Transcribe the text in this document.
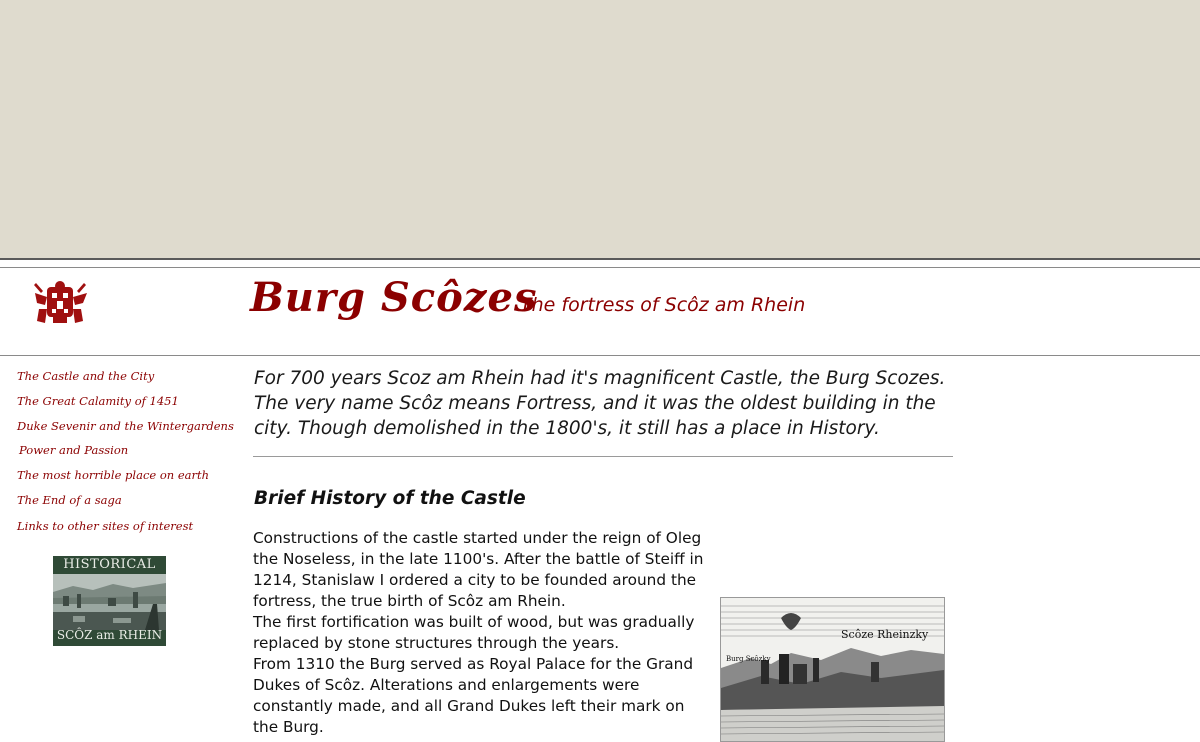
Burg Scôzes
The fortress of Scôz am Rhein
The Castle and the City
The Great Calamity of 1451
Duke Sevenir and the Wintergardens
Power and Passion
The most horrible place on earth
The End of a saga
Links to other sites of interest
HISTORICAL
SCÔZ am RHEIN
For 700 years Scoz am Rhein had it's magnificent Castle, the Burg Scozes. The very name Scôz means Fortress, and it was the oldest building in the city. Though demolished in the 1800's, it still has a place in History.
Brief History of the Castle

Constructions of the castle started under the reign of Oleg the Noseless, in the late 1100's. After the battle of Steiff in 1214, Stanislaw I ordered a city to be founded around the fortress, the true birth of Scôz am Rhein.

The first fortification was built of wood, but was gradually replaced by stone structures through the years.

From 1310 the Burg served as Royal Palace for the Grand Dukes of Scôz. Alterations and enlargements were constantly made, and all Grand Dukes left their mark on the Burg.

Scôze Rheinzky
Burg Scôzky
